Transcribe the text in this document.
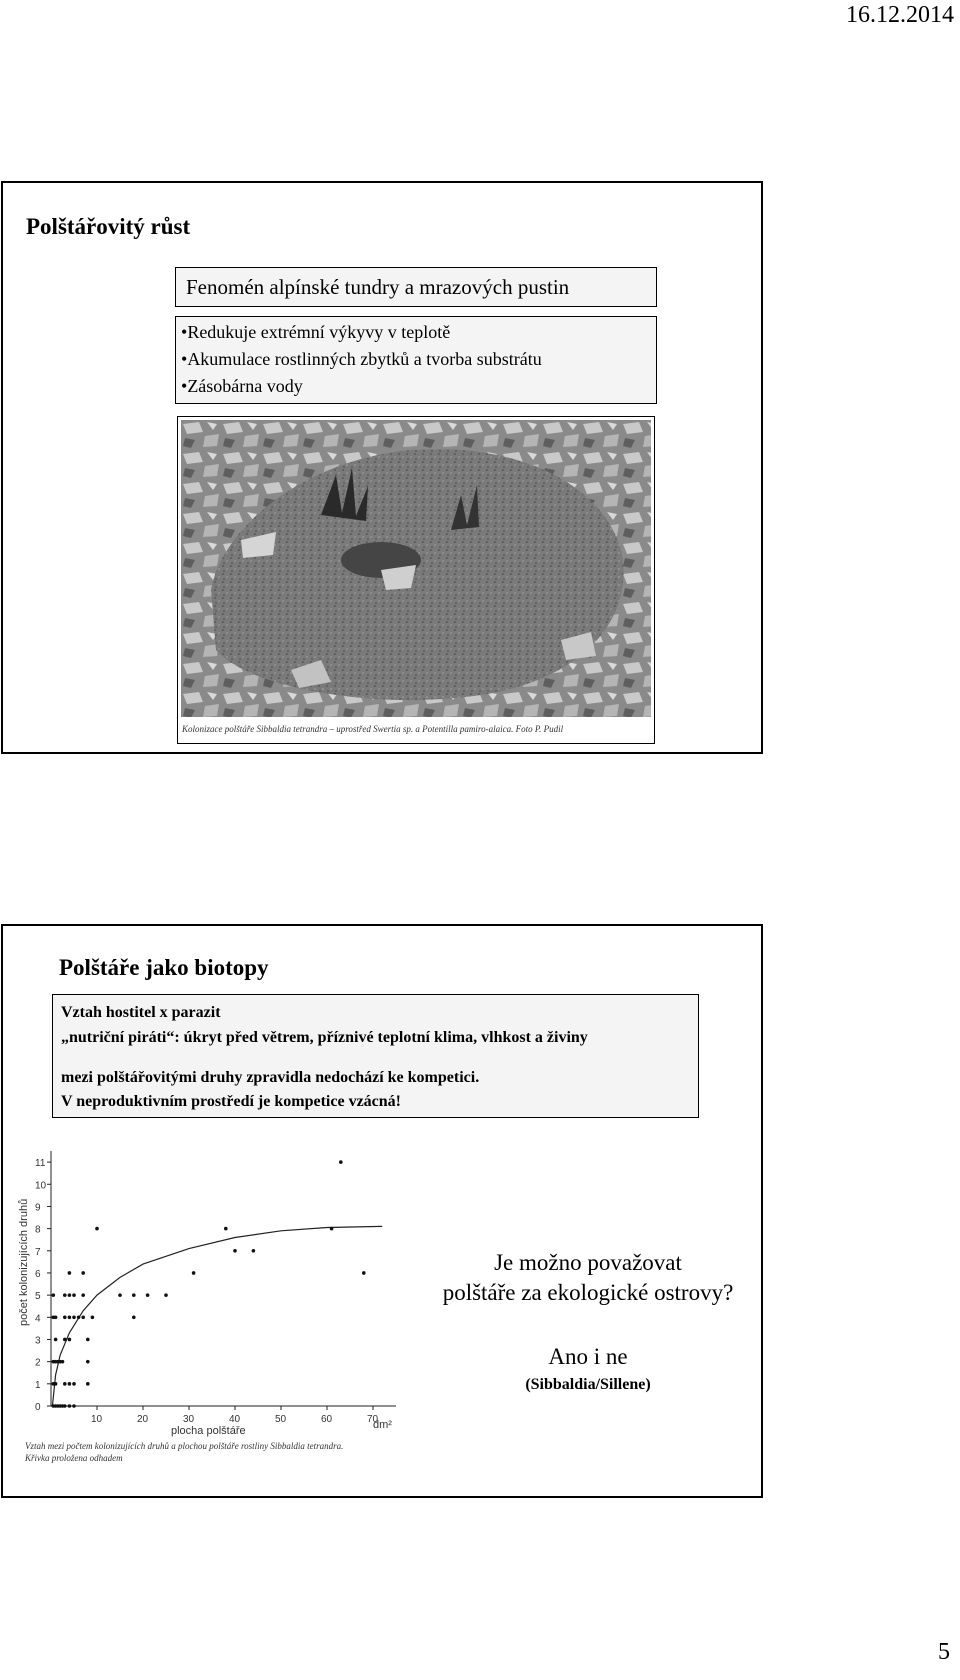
16.12.2014
Polštářovitý růst
Fenomén alpínské tundry a mrazových pustin
•Redukuje extrémní výkyvy v teplotě
•Akumulace rostlinných zbytků a tvorba substrátu
•Zásobárna vody
Kolonizace polštáře Sibbaldia tetrandra – uprostřed Swertia sp. a Potentilla pamiro-alaica. Foto P. Pudil
Polštáře jako biotopy
Vztah hostitel x parazit
„nutriční piráti“: úkryt před větrem, příznivé teplotní klima, vlhkost a živiny
mezi polštářovitými druhy zpravidla nedochází ke kompetici.
V neproduktivním prostředí je kompetice vzácná!
10	20	30	40	50	60	70
0
1
2
3
4
5
6
7
8
9
10
11
počet kolonizujících druhů
plocha polštáře	dm²
Vztah mezi počtem kolonizujících druhů a plochou polštáře rostliny Sibbaldia tetrandra.
Křivka proložena odhadem
Je možno považovat
polštáře za ekologické ostrovy?
Ano i ne
(Sibbaldia/Sillene)
5
